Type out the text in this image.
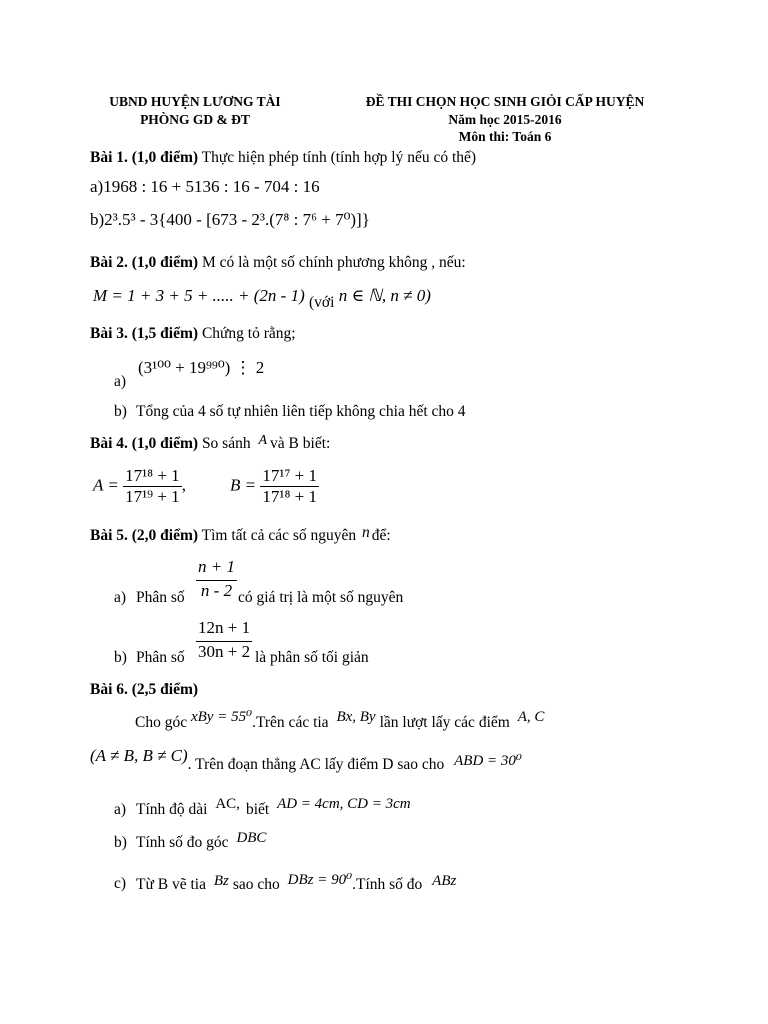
UBND HUYỆN LƯƠNG TÀI
PHÒNG GD & ĐT
ĐỀ THI CHỌN HỌC SINH GIỎI CẤP HUYỆN
Năm học 2015-2016
Môn thi: Toán 6
Bài 1. (1,0 điểm) Thực hiện phép tính (tính hợp lý nếu có thể)
a)1968 : 16 + 5136 : 16 - 704 : 16
b)2³.5³ - 3{400 - [673 - 2³.(7⁸ : 7⁶ + 7⁰)]}
Bài 2. (1,0 điểm) M có là một số chính phương không , nếu:
M = 1 + 3 + 5 + ..... + (2n - 1) (với n ∈ ℕ, n ≠ 0)
Bài 3. (1,5 điểm) Chứng tỏ rằng;
a)
(3¹⁰⁰ + 19⁹⁹⁰) ⋮ 2
b) Tổng của 4 số tự nhiên liên tiếp không chia hết cho 4
Bài 4. (1,0 điểm) So sánh A và B biết:
$A = \frac{\text{17¹⁸ + 1}}{\text{17¹⁹ + 1}}$ ,	$B = \frac{\text{17¹⁷ + 1}}{\text{17¹⁸ + 1}}$
Bài 5. (2,0 điểm) Tìm tất cả các số nguyên n để:
a) Phân số $\frac{n + 1}{n - 2}$ có giá trị là một số nguyên
b) Phân số $\frac{12n + 1}{30n + 2}$ là phân số tối giản
Bài 6. (2,5 điểm)
Cho góc xBy = 55⁰.Trên các tia Bx, By lần lượt lấy các điểm A, C
(A ≠ B, B ≠ C). Trên đoạn thẳng AC lấy điểm D sao cho ABD = 30⁰
a) Tính độ dài AC, biết AD = 4cm, CD = 3cm
b) Tính số đo góc DBC
c) Từ B vẽ tia Bz sao cho DBz = 90⁰.Tính số đo ABz
